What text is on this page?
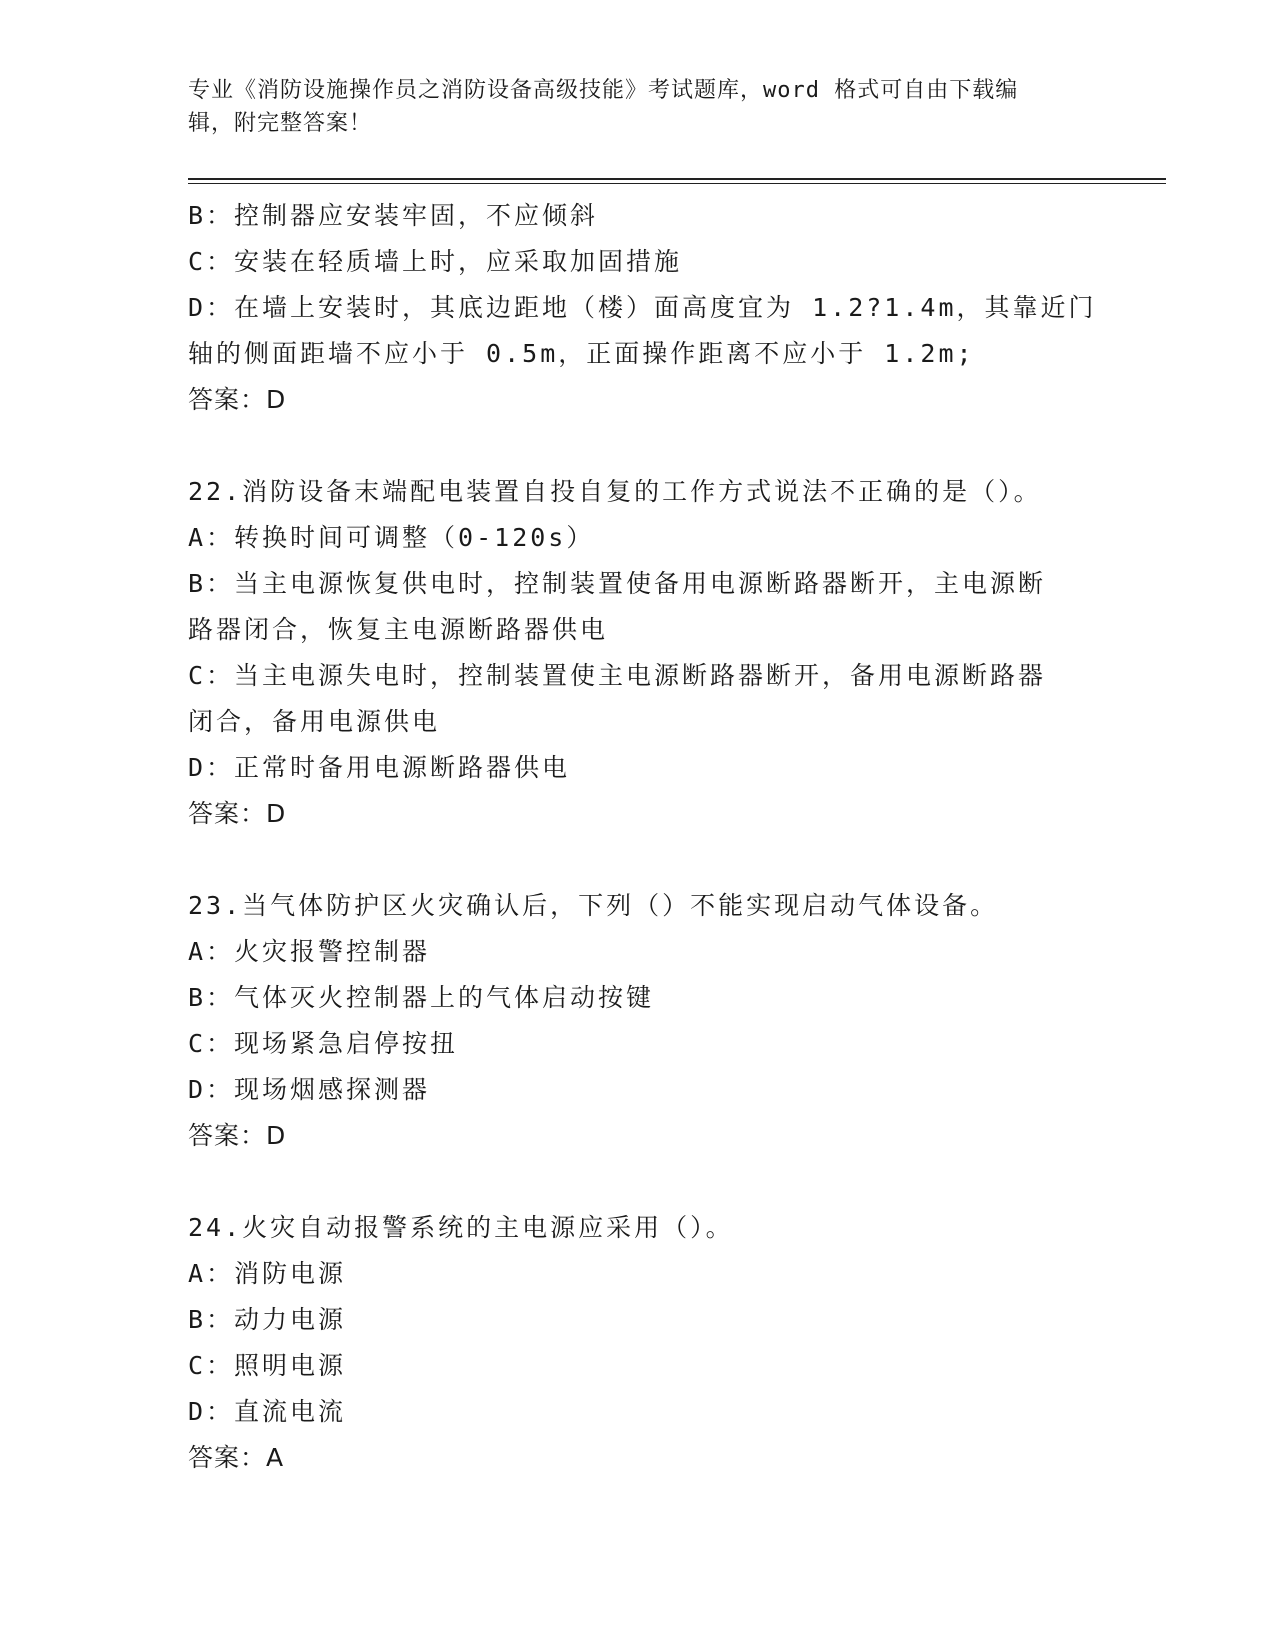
专业《消防设施操作员之消防设备高级技能》考试题库，word 格式可自由下载编
辑，附完整答案！
B：控制器应安装牢固，不应倾斜
C：安装在轻质墙上时，应采取加固措施
D：在墙上安装时，其底边距地（楼）面高度宜为 1.2?1.4m，其靠近门
轴的侧面距墙不应小于 0.5m，正面操作距离不应小于 1.2m;
答案：D
22.消防设备末端配电装置自投自复的工作方式说法不正确的是（）。
A：转换时间可调整（0-120s）
B：当主电源恢复供电时，控制装置使备用电源断路器断开，主电源断
路器闭合，恢复主电源断路器供电
C：当主电源失电时，控制装置使主电源断路器断开，备用电源断路器
闭合，备用电源供电
D：正常时备用电源断路器供电
答案：D
23.当气体防护区火灾确认后，下列（）不能实现启动气体设备。
A：火灾报警控制器
B：气体灭火控制器上的气体启动按键
C：现场紧急启停按扭
D：现场烟感探测器
答案：D
24.火灾自动报警系统的主电源应采用（）。
A：消防电源
B：动力电源
C：照明电源
D：直流电流
答案：A
